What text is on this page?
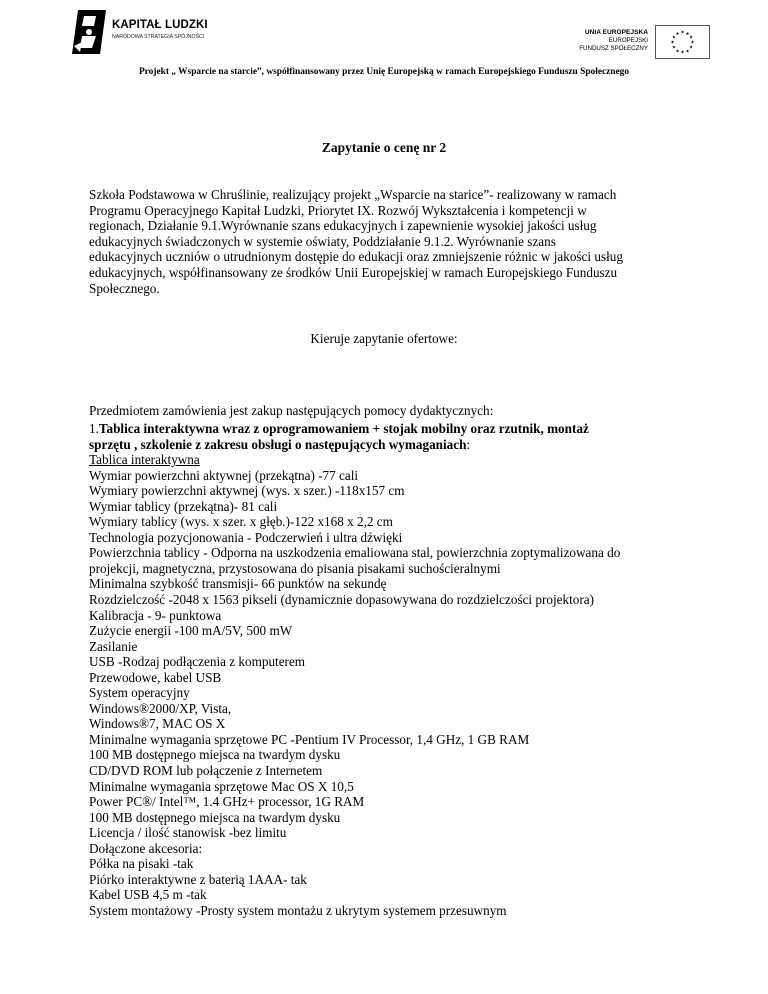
KAPITAŁ LUDZKI
NARODOWA STRATEGIA SPÓJNOŚCI
UNIA EUROPEJSKA
EUROPEJSKI
FUNDUSZ SPOŁECZNY
★
★
★
★
★
★
★
★
★ ★ ★
★
Projekt „ Wsparcie na starcie”, współfinansowany przez Unię Europejską w ramach Europejskiego Funduszu Społecznego
Zapytanie o cenę nr 2
Szkoła Podstawowa w Chruślinie, realizujący projekt „Wsparcie na starice”- realizowany w ramach
Programu Operacyjnego Kapitał Ludzki, Priorytet IX. Rozwój Wykształcenia i kompetencji w
regionach, Działanie 9.1.Wyrównanie szans edukacyjnych i zapewnienie wysokiej jakości usług
edukacyjnych świadczonych w systemie oświaty, Poddziałanie 9.1.2. Wyrównanie szans
edukacyjnych uczniów o utrudnionym dostępie do edukacji oraz zmniejszenie różnic w jakości usług
edukacyjnych, współfinansowany ze środków Unii Europejskiej w ramach Europejskiego Funduszu
Społecznego.
Kieruje zapytanie ofertowe:
Przedmiotem zamówienia jest zakup następujących pomocy dydaktycznych:
1.Tablica interaktywna wraz z oprogramowaniem + stojak mobilny oraz rzutnik, montaż
sprzętu , szkolenie z zakresu obsługi o następujących wymaganiach:
Tablica interaktywna
Wymiar powierzchni aktywnej (przekątna) -77 cali
Wymiary powierzchni aktywnej (wys. x szer.) -118x157 cm
Wymiar tablicy (przekątna)- 81 cali
Wymiary tablicy (wys. x szer. x głęb.)-122 x168 x 2,2 cm
Technologia pozycjonowania - Podczerwień i ultra dźwięki
Powierzchnia tablicy - Odporna na uszkodzenia emaliowana stal, powierzchnia zoptymalizowana do
projekcji, magnetyczna, przystosowana do pisania pisakami suchościeralnymi
Minimalna szybkość transmisji- 66 punktów na sekundę
Rozdzielczość -2048 x 1563 pikseli (dynamicznie dopasowywana do rozdzielczości projektora)
Kalibracja - 9- punktowa
Zużycie energii -100 mA/5V, 500 mW
Zasilanie
USB -Rodzaj podłączenia z komputerem
Przewodowe, kabel USB
System operacyjny
Windows®2000/XP, Vista,
Windows®7, MAC OS X
Minimalne wymagania sprzętowe PC -Pentium IV Processor, 1,4 GHz, 1 GB RAM
100 MB dostępnego miejsca na twardym dysku
CD/DVD ROM lub połączenie z Internetem
Minimalne wymagania sprzętowe Mac OS X 10,5
Power PC®/ Intel™, 1.4 GHz+ processor, 1G RAM
100 MB dostępnego miejsca na twardym dysku
Licencja / ilość stanowisk -bez limitu
Dołączone akcesoria:
Półka na pisaki -tak
Piórko interaktywne z baterią 1AAA- tak
Kabel USB 4,5 m -tak
System montażowy -Prosty system montażu z ukrytym systemem przesuwnym
